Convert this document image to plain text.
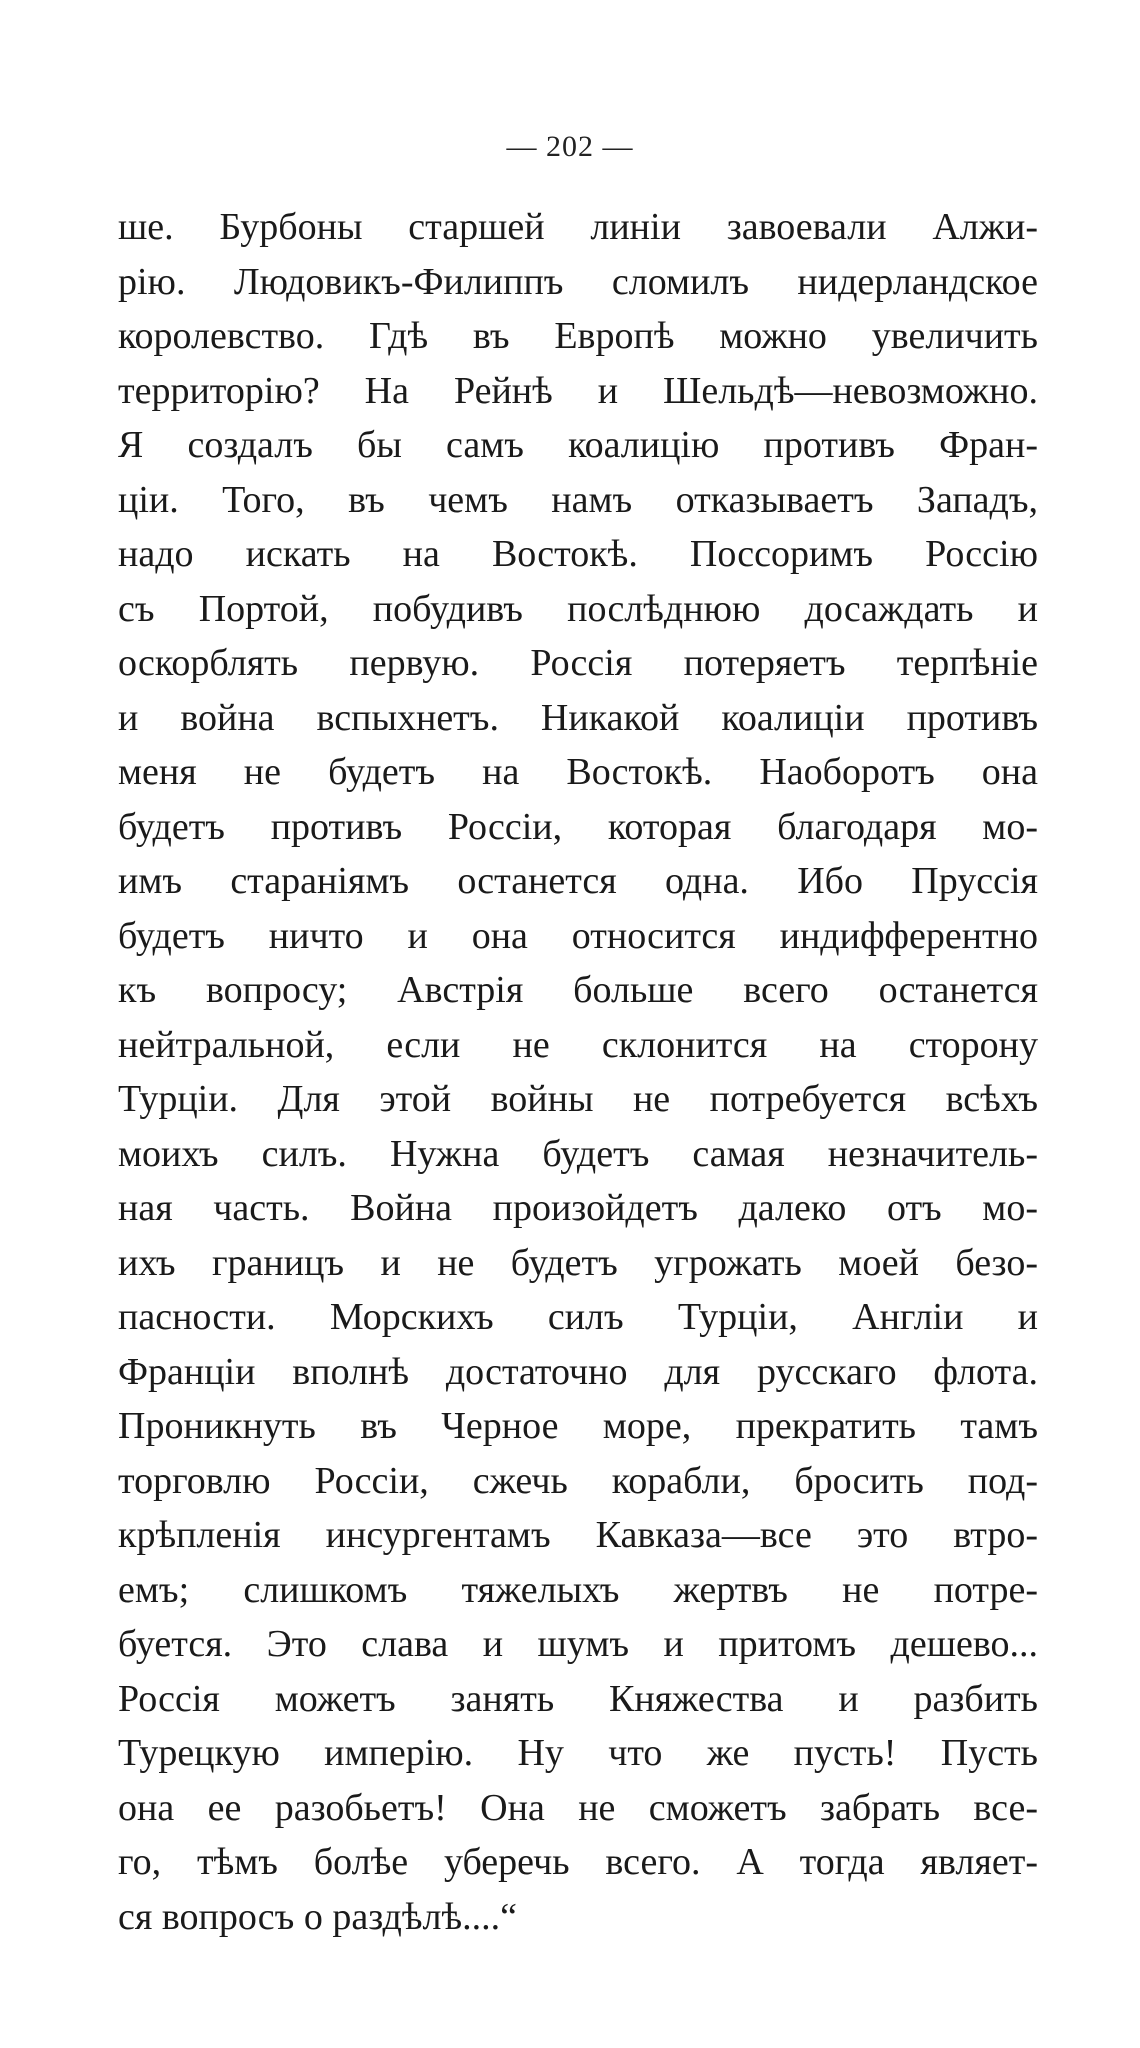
— 202 —
ше. Бурбоны старшей линiи завоевали Алжи-
рiю. Людовикъ-Филиппъ сломилъ нидерландское
королевство. Гдѣ въ Европѣ можно увеличить
территорiю? На Рейнѣ и Шельдѣ—невозможно.
Я создалъ бы самъ коалицiю противъ Фран-
цiи. Того, въ чемъ намъ отказываетъ Западъ,
надо искать на Востокѣ. Поссоримъ Россiю
съ Портой, побудивъ послѣднюю досаждать и
оскорблять первую. Россiя потеряетъ терпѣнiе
и война вспыхнетъ. Никакой коалицiи противъ
меня не будетъ на Востокѣ. Наоборотъ она
будетъ противъ Россiи, которая благодаря мо-
имъ старанiямъ останется одна. Ибо Пруссiя
будетъ ничто и она относится индифферентно
къ вопросу; Австрiя больше всего останется
нейтральной, если не склонится на сторону
Турцiи. Для этой войны не потребуется всѣхъ
моихъ силъ. Нужна будетъ самая незначитель-
ная часть. Война произойдетъ далеко отъ мо-
ихъ границъ и не будетъ угрожать моей безо-
пасности. Морскихъ силъ Турцiи, Англiи и
Францiи вполнѣ достаточно для русскаго флота.
Проникнуть въ Черное море, прекратить тамъ
торговлю Россiи, сжечь корабли, бросить под-
крѣпленiя инсургентамъ Кавказа—все это втро-
емъ; слишкомъ тяжелыхъ жертвъ не потре-
буется. Это слава и шумъ и притомъ дешево...
Россiя можетъ занять Княжества и разбить
Турецкую имперiю. Ну что же пусть! Пусть
она ее разобьетъ! Она не сможетъ забрать все-
го, тѣмъ болѣе уберечь всего. А тогда являет-
ся вопросъ о раздѣлѣ....“
